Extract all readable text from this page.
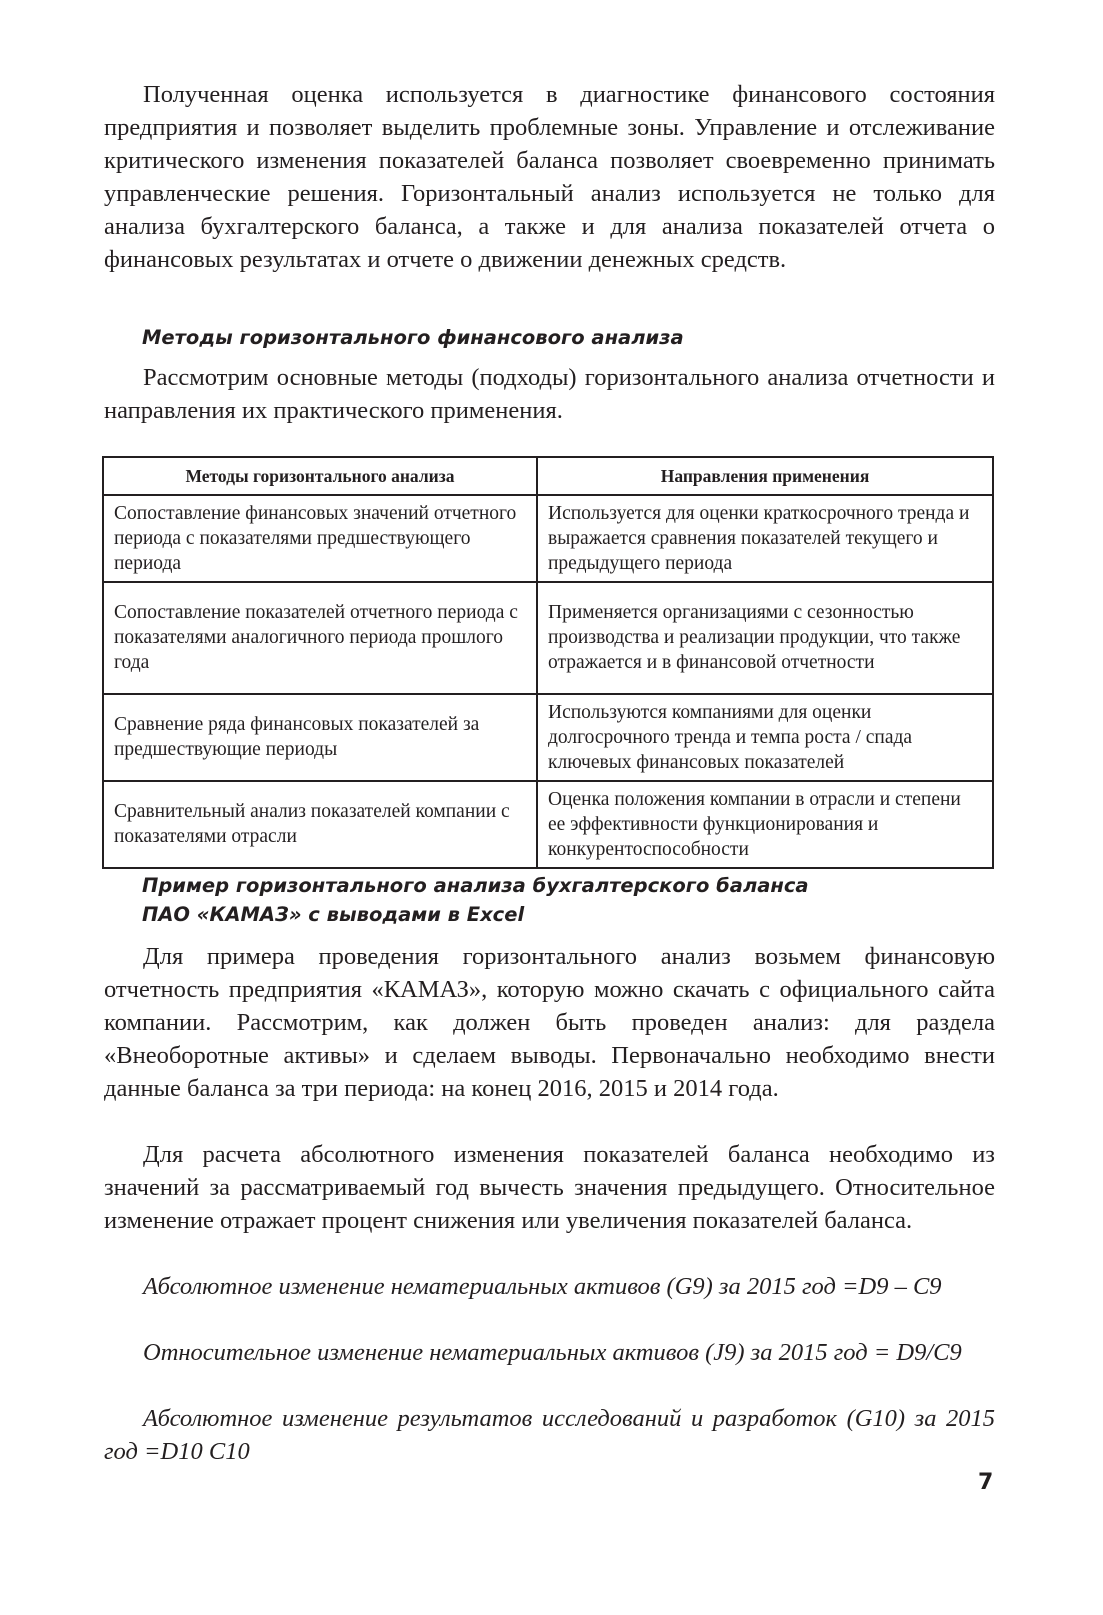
Полученная оценка используется в диагностике финансового состояния предприятия и позволяет выделить проблемные зоны. Управление и отслеживание критического изменения показателей баланса позволяет своевременно принимать управленческие решения. Горизонтальный анализ используется не только для анализа бухгалтерского баланса, а также и для анализа показателей отчета о финансовых результатах и отчете о движении денежных средств.

Методы горизонтального финансового анализа

Рассмотрим основные методы (подходы) горизонтального анализа отчетности и направления их практического применения.

Методы горизонтального анализа	Направления применения
Сопоставление финансовых значений отчетного периода с показателями предшествующего периода	Используется для оценки краткосрочного тренда и выражается сравнения показателей текущего и предыдущего периода
Сопоставление показателей отчетного периода с показателями аналогичного периода прошлого года	Применяется организациями с сезонностью производства и реализации продукции, что также отражается и в финансовой отчетности
Сравнение ряда финансовых показателей за предшествующие периоды	Используются компаниями для оценки долгосрочного тренда и темпа роста / спада ключевых финансовых показателей
Сравнительный анализ показателей компании с показателями отрасли	Оценка положения компании в отрасли и степени ее эффективности функционирования и конкурентоспособности

Пример горизонтального анализа бухгалтерского баланса

ПАО «КАМАЗ» с выводами в Excel

Для примера проведения горизонтального анализ возьмем финансовую отчетность предприятия «КАМАЗ», которую можно скачать с официального сайта компании. Рассмотрим, как должен быть проведен анализ: для раздела «Внеоборотные активы» и сделаем выводы. Первоначально необходимо внести данные баланса за три периода: на конец 2016, 2015 и 2014 года.

Для расчета абсолютного изменения показателей баланса необходимо из значений за рассматриваемый год вычесть значения предыдущего. Относительное изменение отражает процент снижения или увеличения показателей баланса.

Абсолютное изменение нематериальных активов (G9) за 2015 год =D9 – C9

Относительное изменение нематериальных активов (J9) за 2015 год = D9/C9

Абсолютное изменение результатов исследований и разработок (G10) за 2015 год =D10 C10

7
